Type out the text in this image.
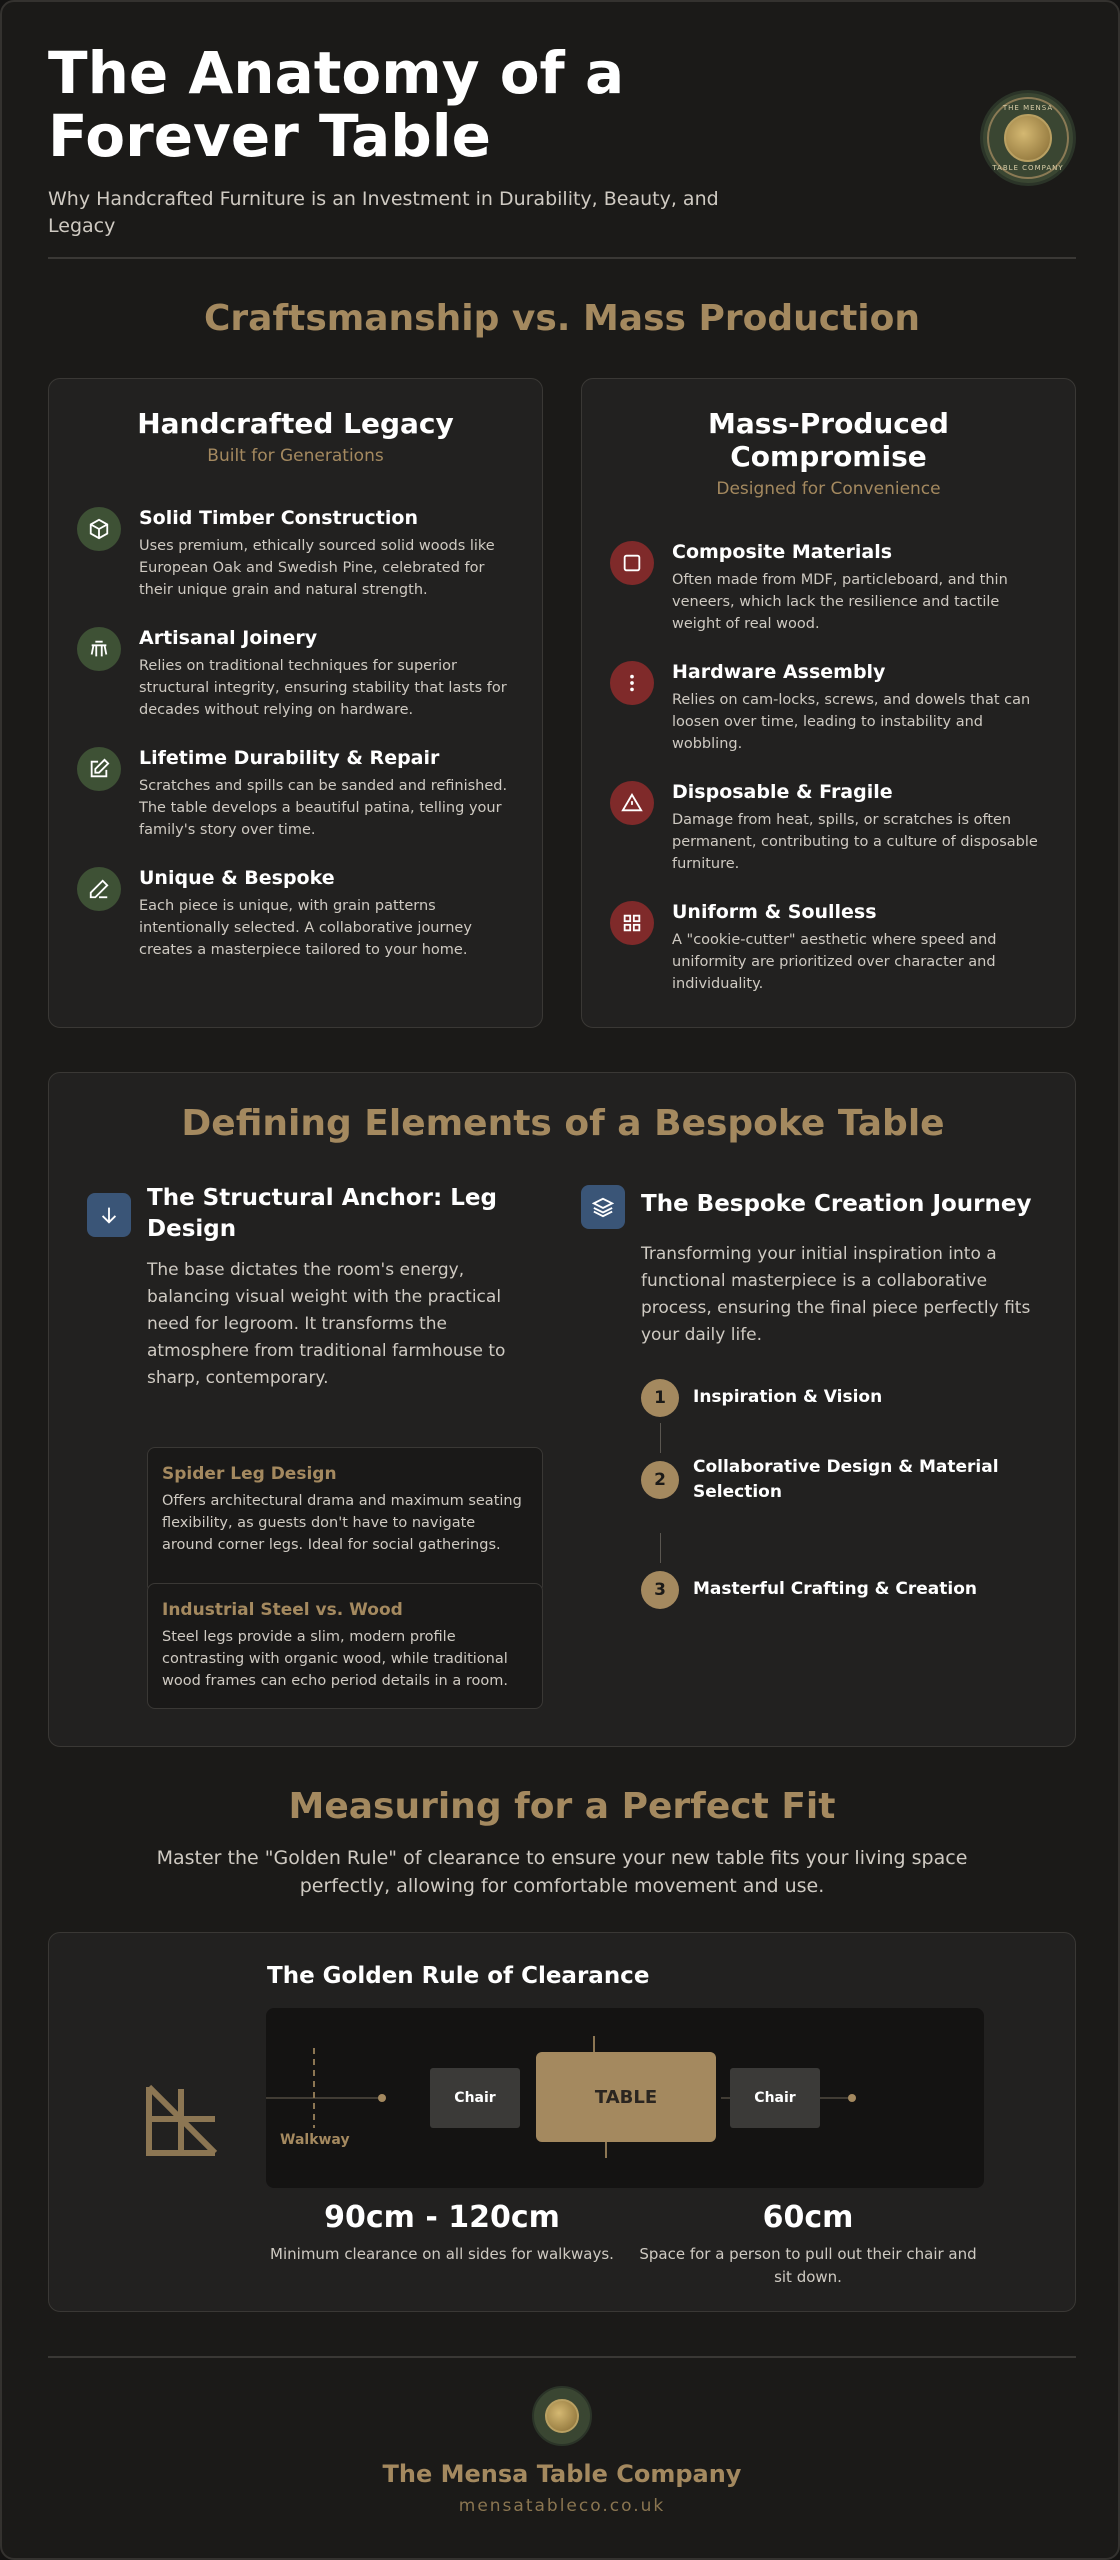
The Anatomy of a Forever Table
Why Handcrafted Furniture is an Investment in Durability, Beauty, and Legacy
THE MENSA
TABLE COMPANY
Craftsmanship vs. Mass Production
Handcrafted Legacy
Built for Generations
Solid Timber Construction
Uses premium, ethically sourced solid woods like European Oak and Swedish Pine, celebrated for their unique grain and natural strength.
Artisanal Joinery
Relies on traditional techniques for superior structural integrity, ensuring stability that lasts for decades without relying on hardware.
Lifetime Durability & Repair
Scratches and spills can be sanded and refinished. The table develops a beautiful patina, telling your family's story over time.
Unique & Bespoke
Each piece is unique, with grain patterns intentionally selected. A collaborative journey creates a masterpiece tailored to your home.
Mass-Produced Compromise
Designed for Convenience
Composite Materials
Often made from MDF, particleboard, and thin veneers, which lack the resilience and tactile weight of real wood.
Hardware Assembly
Relies on cam-locks, screws, and dowels that can loosen over time, leading to instability and wobbling.
Disposable & Fragile
Damage from heat, spills, or scratches is often permanent, contributing to a culture of disposable furniture.
Uniform & Soulless
A "cookie-cutter" aesthetic where speed and uniformity are prioritized over character and individuality.
Defining Elements of a Bespoke Table
The Structural Anchor: Leg Design
The base dictates the room's energy, balancing visual weight with the practical need for legroom. It transforms the atmosphere from traditional farmhouse to sharp, contemporary.
Spider Leg Design
Offers architectural drama and maximum seating flexibility, as guests don't have to navigate around corner legs. Ideal for social gatherings.
Industrial Steel vs. Wood
Steel legs provide a slim, modern profile contrasting with organic wood, while traditional wood frames can echo period details in a room.
The Bespoke Creation Journey
Transforming your initial inspiration into a functional masterpiece is a collaborative process, ensuring the final piece perfectly fits your daily life.
1	Inspiration & Vision
2
Collaborative Design & Material Selection
3	Masterful Crafting & Creation
Measuring for a Perfect Fit
Master the "Golden Rule" of clearance to ensure your new table fits your living space perfectly, allowing for comfortable movement and use.
The Golden Rule of Clearance
Chair	TABLE	Chair
Walkway
90cm - 120cm
Minimum clearance on all sides for walkways.
60cm
Space for a person to pull out their chair and sit down.
The Mensa Table Company
mensatableco.co.uk
